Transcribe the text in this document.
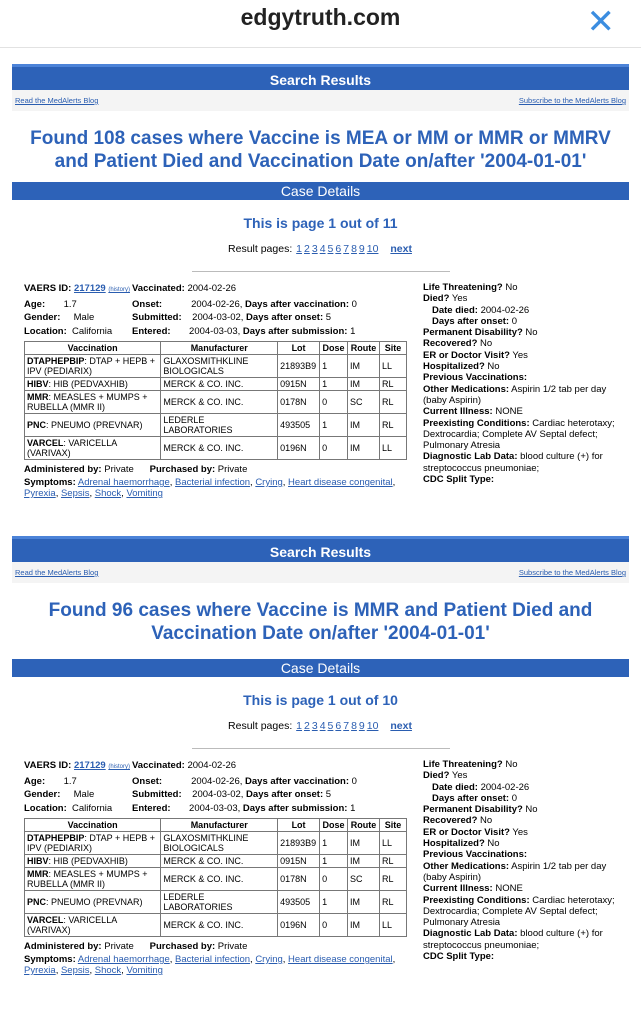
edgytruth.com	✕
Search Results
Read the MedAlerts Blog	Subscribe to the MedAlerts Blog
Found 108 cases where Vaccine is MEA or MM or MMR or MMRV and Patient Died and Vaccination Date on/after '2004-01-01'
Case Details
This is page 1 out of 11
Result pages: 1 2 3 4 5 6 7 8 9 10 next
VAERS ID: 217129 (history) Vaccinated: 2004-02-26
Age: 1.7	Onset:	2004-02-26, Days after vaccination: 0
Gender: Male	Submitted: 2004-03-02, Days after onset: 5
Location: California	Entered: 2004-03-03, Days after submission: 1
Vaccination	Manufacturer	Lot	Dose	Route	Site
DTAPHEPBIP: DTAP + HEPB + IPV (PEDIARIX)	GLAXOSMITHKLINE BIOLOGICALS	21893B9	1	IM	LL
HIBV: HIB (PEDVAXHIB)	MERCK & CO. INC.	0915N	1	IM	RL
MMR: MEASLES + MUMPS + RUBELLA (MMR II)	MERCK & CO. INC.	0178N	0	SC	RL
PNC: PNEUMO (PREVNAR)	LEDERLE LABORATORIES	493505	1	IM	RL
VARCEL: VARICELLA (VARIVAX)	MERCK & CO. INC.	0196N	0	IM	LL
Administered by: Private Purchased by: Private
Symptoms: Adrenal haemorrhage, Bacterial infection, Crying, Heart disease congenital, Pyrexia, Sepsis, Shock, Vomiting
Life Threatening? No
Died? Yes
Date died: 2004-02-26
Days after onset: 0
Permanent Disability? No
Recovered? No
ER or Doctor Visit? Yes
Hospitalized? No
Previous Vaccinations:
Other Medications: Aspirin 1/2 tab per day (baby Aspirin)
Current Illness: NONE
Preexisting Conditions: Cardiac heterotaxy; Dextrocardia; Complete AV Septal defect; Pulmonary Atresia
Diagnostic Lab Data: blood culture (+) for streptococcus pneumoniae;
CDC Split Type:
Search Results
Read the MedAlerts Blog	Subscribe to the MedAlerts Blog
Found 96 cases where Vaccine is MMR and Patient Died and Vaccination Date on/after '2004-01-01'
Case Details
This is page 1 out of 10
Result pages: 1 2 3 4 5 6 7 8 9 10 next
VAERS ID: 217129 (history) Vaccinated: 2004-02-26
Age: 1.7	Onset:	2004-02-26, Days after vaccination: 0
Gender: Male	Submitted: 2004-03-02, Days after onset: 5
Location: California	Entered: 2004-03-03, Days after submission: 1
Vaccination	Manufacturer	Lot	Dose	Route	Site
DTAPHEPBIP: DTAP + HEPB + IPV (PEDIARIX)	GLAXOSMITHKLINE BIOLOGICALS	21893B9	1	IM	LL
HIBV: HIB (PEDVAXHIB)	MERCK & CO. INC.	0915N	1	IM	RL
MMR: MEASLES + MUMPS + RUBELLA (MMR II)	MERCK & CO. INC.	0178N	0	SC	RL
PNC: PNEUMO (PREVNAR)	LEDERLE LABORATORIES	493505	1	IM	RL
VARCEL: VARICELLA (VARIVAX)	MERCK & CO. INC.	0196N	0	IM	LL
Administered by: Private Purchased by: Private
Symptoms: Adrenal haemorrhage, Bacterial infection, Crying, Heart disease congenital, Pyrexia, Sepsis, Shock, Vomiting
Life Threatening? No
Died? Yes
Date died: 2004-02-26
Days after onset: 0
Permanent Disability? No
Recovered? No
ER or Doctor Visit? Yes
Hospitalized? No
Previous Vaccinations:
Other Medications: Aspirin 1/2 tab per day (baby Aspirin)
Current Illness: NONE
Preexisting Conditions: Cardiac heterotaxy; Dextrocardia; Complete AV Septal defect; Pulmonary Atresia
Diagnostic Lab Data: blood culture (+) for streptococcus pneumoniae;
CDC Split Type:
